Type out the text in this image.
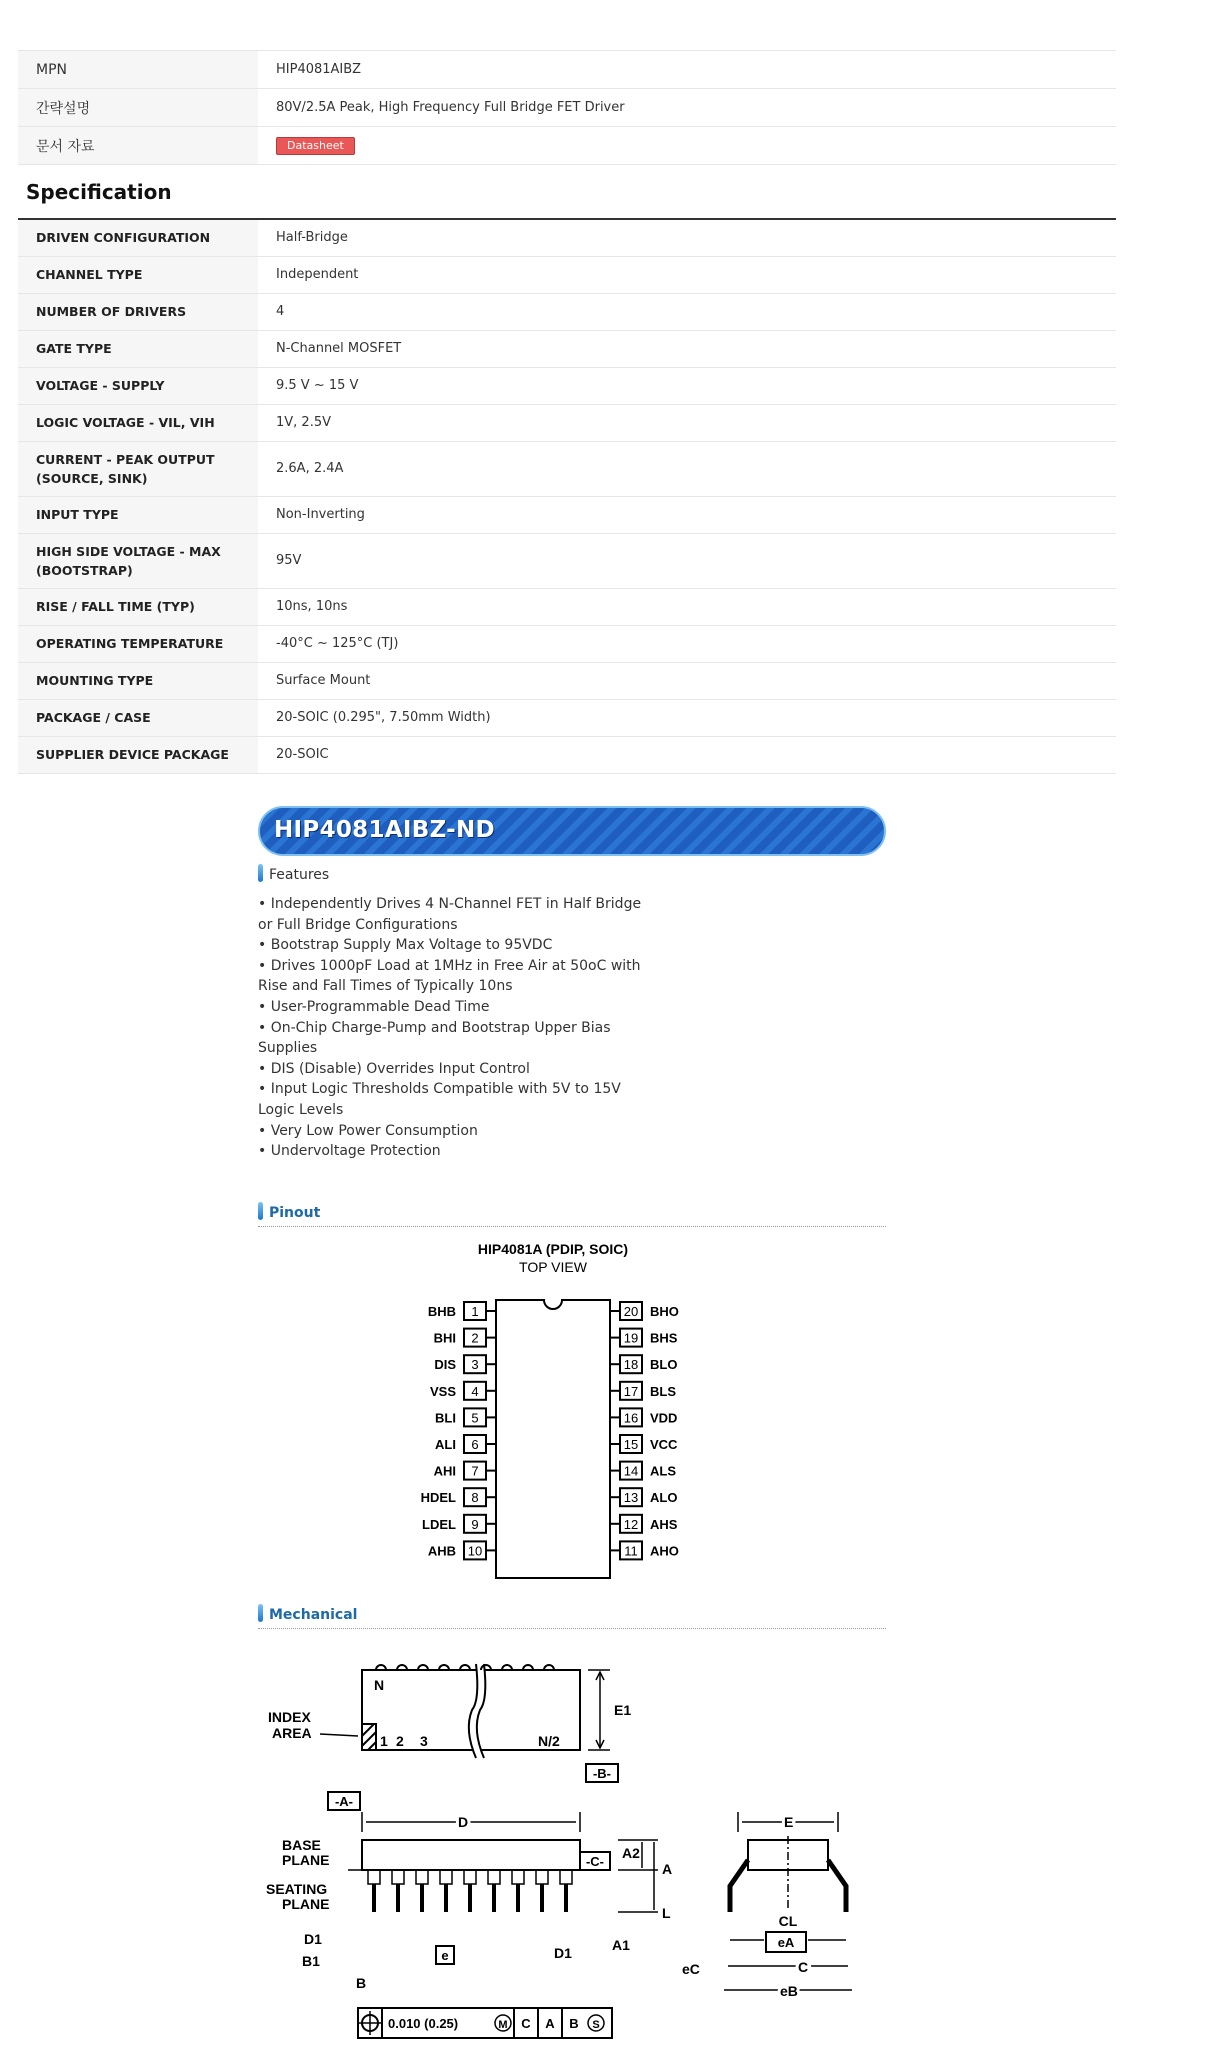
MPN	HIP4081AIBZ
간략설명	80V/2.5A Peak, High Frequency Full Bridge FET Driver
문서 자료	Datasheet
Specification
DRIVEN CONFIGURATION	Half-Bridge
CHANNEL TYPE	Independent
NUMBER OF DRIVERS	4
GATE TYPE	N-Channel MOSFET
VOLTAGE - SUPPLY	9.5 V ~ 15 V
LOGIC VOLTAGE - VIL, VIH	1V, 2.5V
CURRENT - PEAK OUTPUT (SOURCE, SINK)	2.6A, 2.4A
INPUT TYPE	Non-Inverting
HIGH SIDE VOLTAGE - MAX (BOOTSTRAP)	95V
RISE / FALL TIME (TYP)	10ns, 10ns
OPERATING TEMPERATURE	-40°C ~ 125°C (TJ)
MOUNTING TYPE	Surface Mount
PACKAGE / CASE	20-SOIC (0.295", 7.50mm Width)
SUPPLIER DEVICE PACKAGE	20-SOIC
HIP4081AIBZ-ND
Features
• Independently Drives 4 N-Channel FET in Half Bridge
or Full Bridge Configurations
• Bootstrap Supply Max Voltage to 95VDC
• Drives 1000pF Load at 1MHz in Free Air at 50oC with
Rise and Fall Times of Typically 10ns
• User-Programmable Dead Time
• On-Chip Charge-Pump and Bootstrap Upper Bias
Supplies
• DIS (Disable) Overrides Input Control
• Input Logic Thresholds Compatible with 5V to 15V
Logic Levels
• Very Low Power Consumption
• Undervoltage Protection
Pinout
HIP4081A (PDIP, SOIC)
TOP VIEW
1
BHB
2
BHI
3
DIS
4
VSS
5
BLI
6
ALI
7
AHI
8
HDEL
9
LDEL
10
AHB
20 BHO
19 BHS
18 BLO
17 BLS
16 VDD
15 VCC
14 ALS
13 ALO
12 AHS
11 AHO
Mechanical
N
1 2 3	N/2
INDEX
AREA
E1
-B-
-A-
D
BASE
PLANE
SEATING
PLANE
e
-C-
A2
A
L
A1
D1
D1
B1
B
0.010 (0.25)	M C A B S
E
CL
eA
C
eC
eB
